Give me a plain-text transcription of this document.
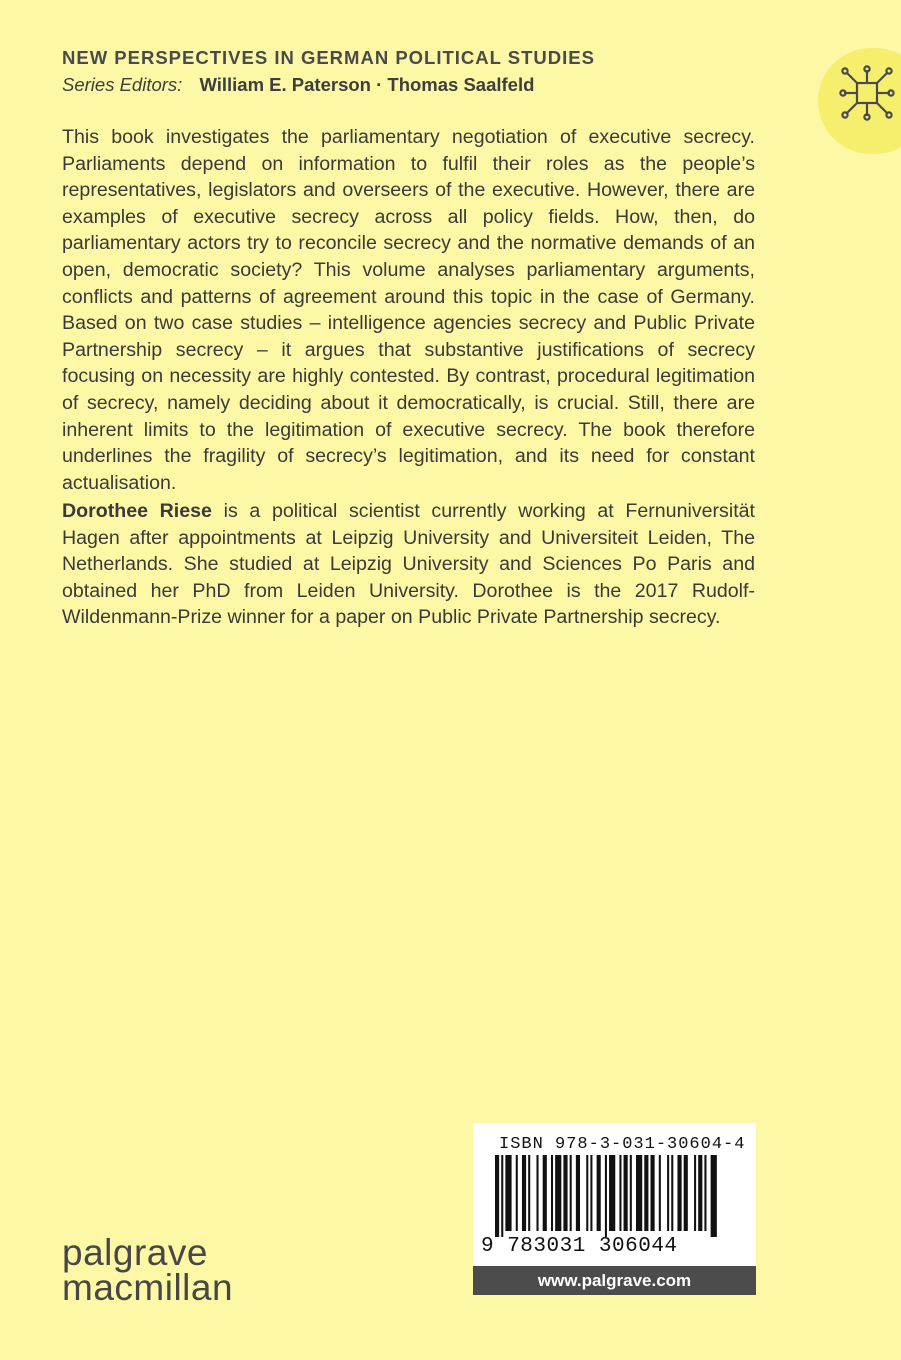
NEW PERSPECTIVES IN GERMAN POLITICAL STUDIES
Series Editors: William E. Paterson · Thomas Saalfeld

This book investigates the parliamentary negotiation of executive secrecy. Parliaments depend on information to fulfil their roles as the people’s representatives, legislators and overseers of the executive. However, there are examples of executive secrecy across all policy fields. How, then, do parliamentary actors try to reconcile secrecy and the normative demands of an open, democratic society? This volume analyses parliamentary arguments, conflicts and patterns of agreement around this topic in the case of Germany. Based on two case studies – intelligence agencies secrecy and Public Private Partnership secrecy – it argues that substantive justifications of secrecy focusing on necessity are highly contested. By contrast, procedural legitimation of secrecy, namely deciding about it democratically, is crucial. Still, there are inherent limits to the legitimation of executive secrecy. The book therefore underlines the fragility of secrecy’s legitimation, and its need for constant actualisation.

Dorothee Riese is a political scientist currently working at Fernuniversität Hagen after appointments at Leipzig University and Universiteit Leiden, The Netherlands. She studied at Leipzig University and Sciences Po Paris and obtained her PhD from Leiden University. Dorothee is the 2017 Rudolf- Wildenmann-Prize winner for a paper on Public Private Partnership secrecy.

palgrave
macmillan
ISBN 978-3-031-30604-4
9 783031 306044
www.palgrave.com
